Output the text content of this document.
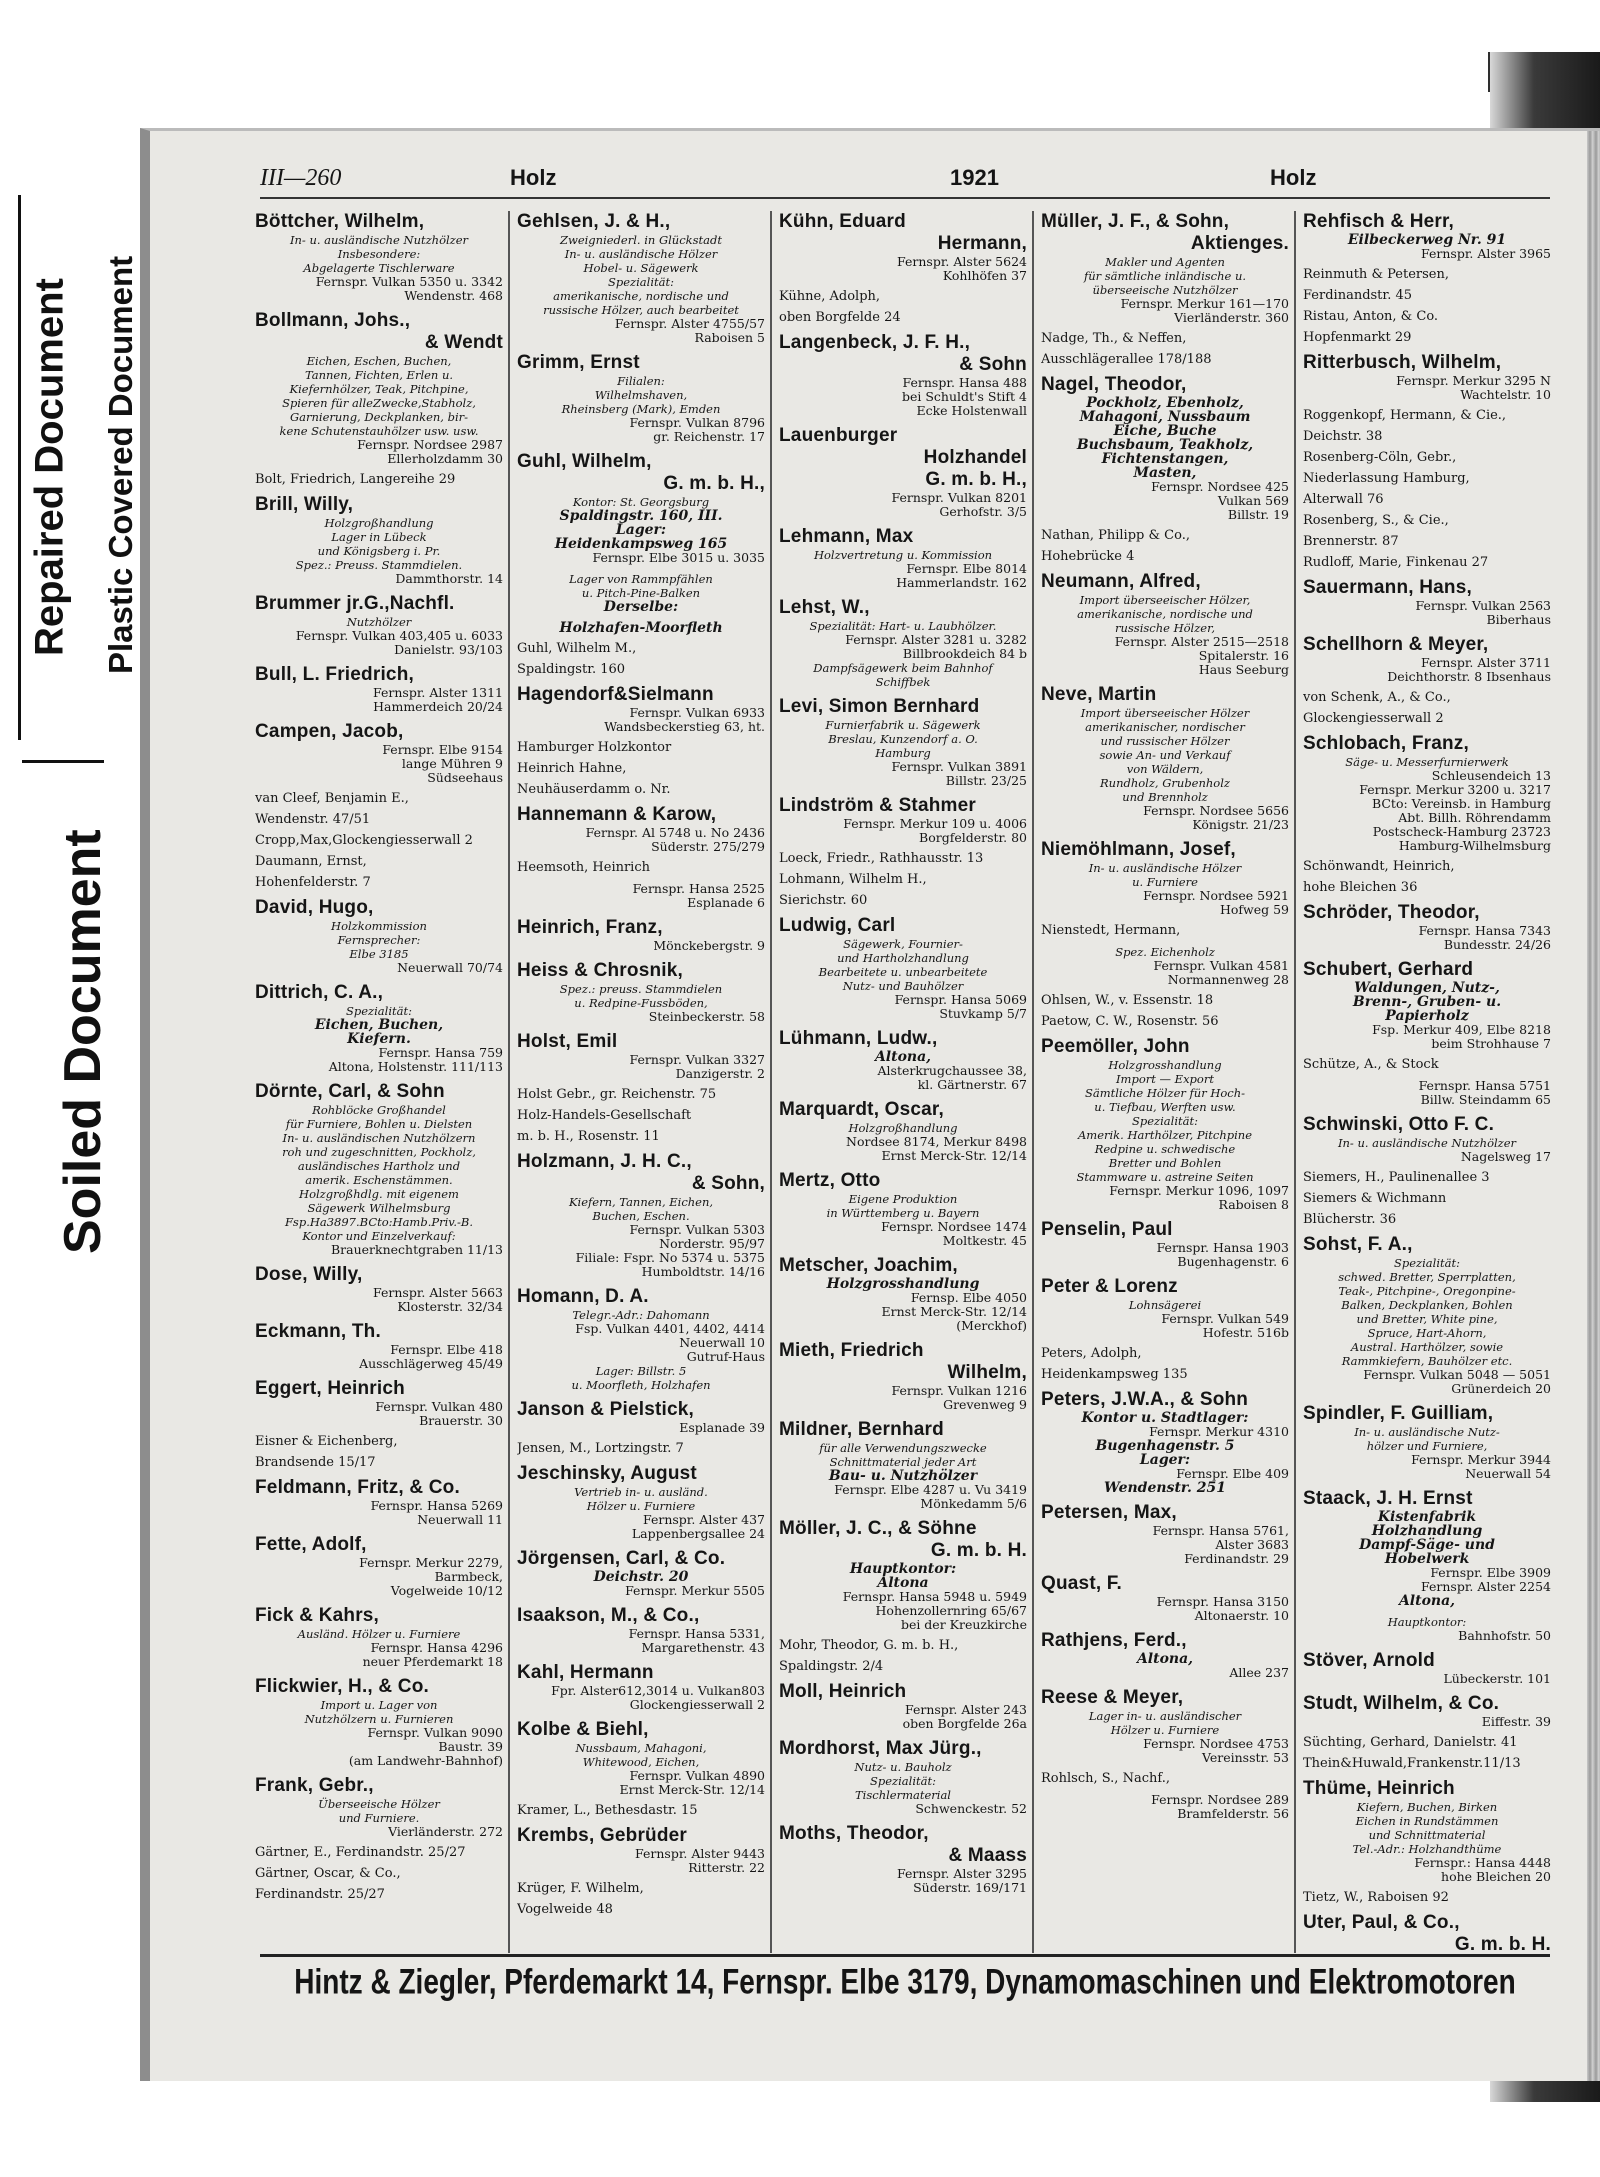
Repaired Document Plastic Covered Document
Soiled Document
III—260	Holz	1921	Holz
Böttcher, Wilhelm,
In- u. ausländische Nutzhölzer
Insbesondere:
Abgelagerte Tischlerware
Fernspr. Vulkan 5350 u. 3342
Wendenstr. 468
Bollmann, Johs.,
& Wendt
Eichen, Eschen, Buchen,
Tannen, Fichten, Erlen u.
Kiefernhölzer, Teak, Pitchpine,
Spieren für alleZwecke,Stabholz,
Garnierung, Deckplanken, bir-
kene Schutenstauhölzer usw. usw.
Fernspr. Nordsee 2987
Ellerholzdamm 30
Bolt, Friedrich, Langereihe 29
Brill, Willy,
Holzgroßhandlung
Lager in Lübeck
und Königsberg i. Pr.
Spez.: Preuss. Stammdielen.
Dammthorstr. 14
Brummer jr.G.,Nachfl.
Nutzhölzer
Fernspr. Vulkan 403,405 u. 6033
Danielstr. 93/103
Bull, L. Friedrich,
Fernspr. Alster 1311
Hammerdeich 20/24
Campen, Jacob,
Fernspr. Elbe 9154
lange Mühren 9
Südseehaus
van Cleef, Benjamin E.,
Wendenstr. 47/51
Cropp,Max,Glockengiesserwall 2
Daumann, Ernst,
Hohenfelderstr. 7
David, Hugo,
Holzkommission
Fernsprecher:
Elbe 3185
Neuerwall 70/74
Dittrich, C. A.,
Spezialität:
Eichen, Buchen,
Kiefern.
Fernspr. Hansa 759
Altona, Holstenstr. 111/113
Dörnte, Carl, & Sohn
Rohblöcke Großhandel
für Furniere, Bohlen u. Dielsten
In- u. ausländischen Nutzhölzern
roh und zugeschnitten, Pockholz,
ausländisches Hartholz und
amerik. Eschenstämmen.
Holzgroßhdlg. mit eigenem
Sägewerk Wilhelmsburg
Fsp.Ha3897.BCto:Hamb.Priv.-B.
Kontor und Einzelverkauf:
Brauerknechtgraben 11/13
Dose, Willy,
Fernspr. Alster 5663
Klosterstr. 32/34
Eckmann, Th.
Fernspr. Elbe 418
Ausschlägerweg 45/49
Eggert, Heinrich
Fernspr. Vulkan 480
Brauerstr. 30
Eisner & Eichenberg,
Brandsende 15/17
Feldmann, Fritz, & Co.
Fernspr. Hansa 5269
Neuerwall 11
Fette, Adolf,
Fernspr. Merkur 2279,
Barmbeck,
Vogelweide 10/12
Fick & Kahrs,
Ausländ. Hölzer u. Furniere
Fernspr. Hansa 4296
neuer Pferdemarkt 18
Flickwier, H., & Co.
Import u. Lager von
Nutzhölzern u. Furnieren
Fernspr. Vulkan 9090
Baustr. 39
(am Landwehr-Bahnhof)
Frank, Gebr.,
Überseeische Hölzer
und Furniere.
Vierländerstr. 272
Gärtner, E., Ferdinandstr. 25/27
Gärtner, Oscar, & Co.,
Ferdinandstr. 25/27
Gehlsen, J. & H.,
Zweigniederl. in Glückstadt
In- u. ausländische Hölzer
Hobel- u. Sägewerk
Spezialität:
amerikanische, nordische und
russische Hölzer, auch bearbeitet
Fernspr. Alster 4755/57
Raboisen 5
Grimm, Ernst
Filialen:
Wilhelmshaven,
Rheinsberg (Mark), Emden
Fernspr. Vulkan 8796
gr. Reichenstr. 17
Guhl, Wilhelm,
G. m. b. H.,
Kontor: St. Georgsburg
Spaldingstr. 160, III.
Lager:
Heidenkampsweg 165
Fernspr. Elbe 3015 u. 3035
Lager von Rammpfählen
u. Pitch-Pine-Balken
Derselbe:
Holzhafen-Moorfleth
Guhl, Wilhelm M.,
Spaldingstr. 160
Hagendorf&Sielmann
Fernspr. Vulkan 6933
Wandsbeckerstieg 63, ht.
Hamburger Holzkontor
Heinrich Hahne,
Neuhäuserdamm o. Nr.
Hannemann & Karow,
Fernspr. Al 5748 u. No 2436
Süderstr. 275/279
Heemsoth, Heinrich
Fernspr. Hansa 2525
Esplanade 6
Heinrich, Franz,
Mönckebergstr. 9
Heiss & Chrosnik,
Spez.: preuss. Stammdielen
u. Redpine-Fussböden,
Steinbeckerstr. 58
Holst, Emil
Fernspr. Vulkan 3327
Danzigerstr. 2
Holst Gebr., gr. Reichenstr. 75
Holz-Handels-Gesellschaft
m. b. H., Rosenstr. 11
Holzmann, J. H. C.,
& Sohn,
Kiefern, Tannen, Eichen,
Buchen, Eschen.
Fernspr. Vulkan 5303
Norderstr. 95/97
Filiale: Fspr. No 5374 u. 5375
Humboldtstr. 14/16
Homann, D. A.
Telegr.-Adr.: Dahomann
Fsp. Vulkan 4401, 4402, 4414
Neuerwall 10
Gutruf-Haus
Lager: Billstr. 5
u. Moorfleth, Holzhafen
Janson & Pielstick,
Esplanade 39
Jensen, M., Lortzingstr. 7
Jeschinsky, August
Vertrieb in- u. ausländ.
Hölzer u. Furniere
Fernspr. Alster 437
Lappenbergsallee 24
Jörgensen, Carl, & Co.
Deichstr. 20
Fernspr. Merkur 5505
Isaakson, M., & Co.,
Fernspr. Hansa 5331,
Margarethenstr. 43
Kahl, Hermann
Fpr. Alster612,3014 u. Vulkan803
Glockengiesserwall 2
Kolbe & Biehl,
Nussbaum, Mahagoni,
Whitewood, Eichen,
Fernspr. Vulkan 4890
Ernst Merck-Str. 12/14
Kramer, L., Bethesdastr. 15
Krembs, Gebrüder
Fernspr. Alster 9443
Ritterstr. 22
Krüger, F. Wilhelm,
Vogelweide 48
Kühn, Eduard
Hermann,
Fernspr. Alster 5624
Kohlhöfen 37
Kühne, Adolph,
oben Borgfelde 24
Langenbeck, J. F. H.,
& Sohn
Fernspr. Hansa 488
bei Schuldt's Stift 4
Ecke Holstenwall
Lauenburger
Holzhandel
G. m. b. H.,
Fernspr. Vulkan 8201
Gerhofstr. 3/5
Lehmann, Max
Holzvertretung u. Kommission
Fernspr. Elbe 8014
Hammerlandstr. 162
Lehst, W.,
Spezialität: Hart- u. Laubhölzer.
Fernspr. Alster 3281 u. 3282
Billbrookdeich 84 b
Dampfsägewerk beim Bahnhof
Schiffbek
Levi, Simon Bernhard
Furnierfabrik u. Sägewerk
Breslau, Kunzendorf a. O.
Hamburg
Fernspr. Vulkan 3891
Billstr. 23/25
Lindström & Stahmer
Fernspr. Merkur 109 u. 4006
Borgfelderstr. 80
Loeck, Friedr., Rathhausstr. 13
Lohmann, Wilhelm H.,
Sierichstr. 60
Ludwig, Carl
Sägewerk, Fournier-
und Hartholzhandlung
Bearbeitete u. unbearbeitete
Nutz- und Bauhölzer
Fernspr. Hansa 5069
Stuvkamp 5/7
Lühmann, Ludw.,
Altona,
Alsterkrugchaussee 38,
kl. Gärtnerstr. 67
Marquardt, Oscar,
Holzgroßhandlung
Nordsee 8174, Merkur 8498
Ernst Merck-Str. 12/14
Mertz, Otto
Eigene Produktion
in Württemberg u. Bayern
Fernspr. Nordsee 1474
Moltkestr. 45
Metscher, Joachim,
Holzgrosshandlung
Fernsp. Elbe 4050
Ernst Merck-Str. 12/14
(Merckhof)
Mieth, Friedrich
Wilhelm,
Fernspr. Vulkan 1216
Grevenweg 9
Mildner, Bernhard
für alle Verwendungszwecke
Schnittmaterial jeder Art
Bau- u. Nutzhölzer
Fernspr. Elbe 4287 u. Vu 3419
Mönkedamm 5/6
Möller, J. C., & Söhne
G. m. b. H.
Hauptkontor:
Altona
Fernspr. Hansa 5948 u. 5949
Hohenzollernring 65/67
bei der Kreuzkirche
Mohr, Theodor, G. m. b. H.,
Spaldingstr. 2/4
Moll, Heinrich
Fernspr. Alster 243
oben Borgfelde 26a
Mordhorst, Max Jürg.,
Nutz- u. Bauholz
Spezialität:
Tischlermaterial
Schwenckestr. 52
Moths, Theodor,
& Maass
Fernspr. Alster 3295
Süderstr. 169/171
Müller, J. F., & Sohn,
Aktienges.
Makler und Agenten
für sämtliche inländische u.
überseeische Nutzhölzer
Fernspr. Merkur 161—170
Vierländerstr. 360
Nadge, Th., & Neffen,
Ausschlägerallee 178/188
Nagel, Theodor,
Pockholz, Ebenholz,
Mahagoni, Nussbaum
Eiche, Buche
Buchsbaum, Teakholz,
Fichtenstangen,
Masten,
Fernspr. Nordsee 425
Vulkan 569
Billstr. 19
Nathan, Philipp & Co.,
Hohebrücke 4
Neumann, Alfred,
Import überseeischer Hölzer,
amerikanische, nordische und
russische Hölzer,
Fernspr. Alster 2515—2518
Spitalerstr. 16
Haus Seeburg
Neve, Martin
Import überseeischer Hölzer
amerikanischer, nordischer
und russischer Hölzer
sowie An- und Verkauf
von Wäldern,
Rundholz, Grubenholz
und Brennholz
Fernspr. Nordsee 5656
Königstr. 21/23
Niemöhlmann, Josef,
In- u. ausländische Hölzer
u. Furniere
Fernspr. Nordsee 5921
Hofweg 59
Nienstedt, Hermann,
Spez. Eichenholz
Fernspr. Vulkan 4581
Normannenweg 28
Ohlsen, W., v. Essenstr. 18
Paetow, C. W., Rosenstr. 56
Peemöller, John
Holzgrosshandlung
Import — Export
Sämtliche Hölzer für Hoch-
u. Tiefbau, Werften usw.
Spezialität:
Amerik. Harthölzer, Pitchpine
Redpine u. schwedische
Bretter und Bohlen
Stammware u. astreine Seiten
Fernspr. Merkur 1096, 1097
Raboisen 8
Penselin, Paul
Fernspr. Hansa 1903
Bugenhagenstr. 6
Peter & Lorenz
Lohnsägerei
Fernspr. Vulkan 549
Hofestr. 516b
Peters, Adolph,
Heidenkampsweg 135
Peters, J.W.A., & Sohn
Kontor u. Stadtlager:
Fernspr. Merkur 4310
Bugenhagenstr. 5
Lager:
Fernspr. Elbe 409
Wendenstr. 251
Petersen, Max,
Fernspr. Hansa 5761,
Alster 3683
Ferdinandstr. 29
Quast, F.
Fernspr. Hansa 3150
Altonaerstr. 10
Rathjens, Ferd.,
Altona,
Allee 237
Reese & Meyer,
Lager in- u. ausländischer
Hölzer u. Furniere
Fernspr. Nordsee 4753
Vereinsstr. 53
Rohlsch, S., Nachf.,
Fernspr. Nordsee 289
Bramfelderstr. 56
Rehfisch & Herr,
Eilbeckerweg Nr. 91
Fernspr. Alster 3965
Reinmuth & Petersen,
Ferdinandstr. 45
Ristau, Anton, & Co.
Hopfenmarkt 29
Ritterbusch, Wilhelm,
Fernspr. Merkur 3295 N
Wachtelstr. 10
Roggenkopf, Hermann, & Cie.,
Deichstr. 38
Rosenberg-Cöln, Gebr.,
Niederlassung Hamburg,
Alterwall 76
Rosenberg, S., & Cie.,
Brennerstr. 87
Rudloff, Marie, Finkenau 27
Sauermann, Hans,
Fernspr. Vulkan 2563
Biberhaus
Schellhorn & Meyer,
Fernspr. Alster 3711
Deichthorstr. 8 Ibsenhaus
von Schenk, A., & Co.,
Glockengiesserwall 2
Schlobach, Franz,
Säge- u. Messerfurnierwerk
Schleusendeich 13
Fernspr. Merkur 3200 u. 3217
BCto: Vereinsb. in Hamburg
Abt. Billh. Röhrendamm
Postscheck-Hamburg 23723
Hamburg-Wilhelmsburg
Schönwandt, Heinrich,
hohe Bleichen 36
Schröder, Theodor,
Fernspr. Hansa 7343
Bundesstr. 24/26
Schubert, Gerhard
Waldungen, Nutz-,
Brenn-, Gruben- u.
Papierholz
Fsp. Merkur 409, Elbe 8218
beim Strohhause 7
Schütze, A., & Stock
Fernspr. Hansa 5751
Billw. Steindamm 65
Schwinski, Otto F. C.
In- u. ausländische Nutzhölzer
Nagelsweg 17
Siemers, H., Paulinenallee 3
Siemers & Wichmann
Blücherstr. 36
Sohst, F. A.,
Spezialität:
schwed. Bretter, Sperrplatten,
Teak-, Pitchpine-, Oregonpine-
Balken, Deckplanken, Bohlen
und Bretter, White pine,
Spruce, Hart-Ahorn,
Austral. Harthölzer, sowie
Rammkiefern, Bauhölzer etc.
Fernspr. Vulkan 5048 — 5051
Grünerdeich 20
Spindler, F. Guilliam,
In- u. ausländische Nutz-
hölzer und Furniere,
Fernspr. Merkur 3944
Neuerwall 54
Staack, J. H. Ernst
Kistenfabrik
Holzhandlung
Dampf-Säge- und
Hobelwerk
Fernspr. Elbe 3909
Fernspr. Alster 2254
Altona,
Hauptkontor:
Bahnhofstr. 50
Stöver, Arnold
Lübeckerstr. 101
Studt, Wilhelm, & Co.
Eiffestr. 39
Süchting, Gerhard, Danielstr. 41
Thein&Huwald,Frankenstr.11/13
Thüme, Heinrich
Kiefern, Buchen, Birken
Eichen in Rundstämmen
und Schnittmaterial
Tel.-Adr.: Holzhandthüme
Fernspr.: Hansa 4448
hohe Bleichen 20
Tietz, W., Raboisen 92
Uter, Paul, & Co.,
G. m. b. H.
Hintz & Ziegler, Pferdemarkt 14, Fernspr. Elbe 3179, Dynamomaschinen und Elektromotoren
